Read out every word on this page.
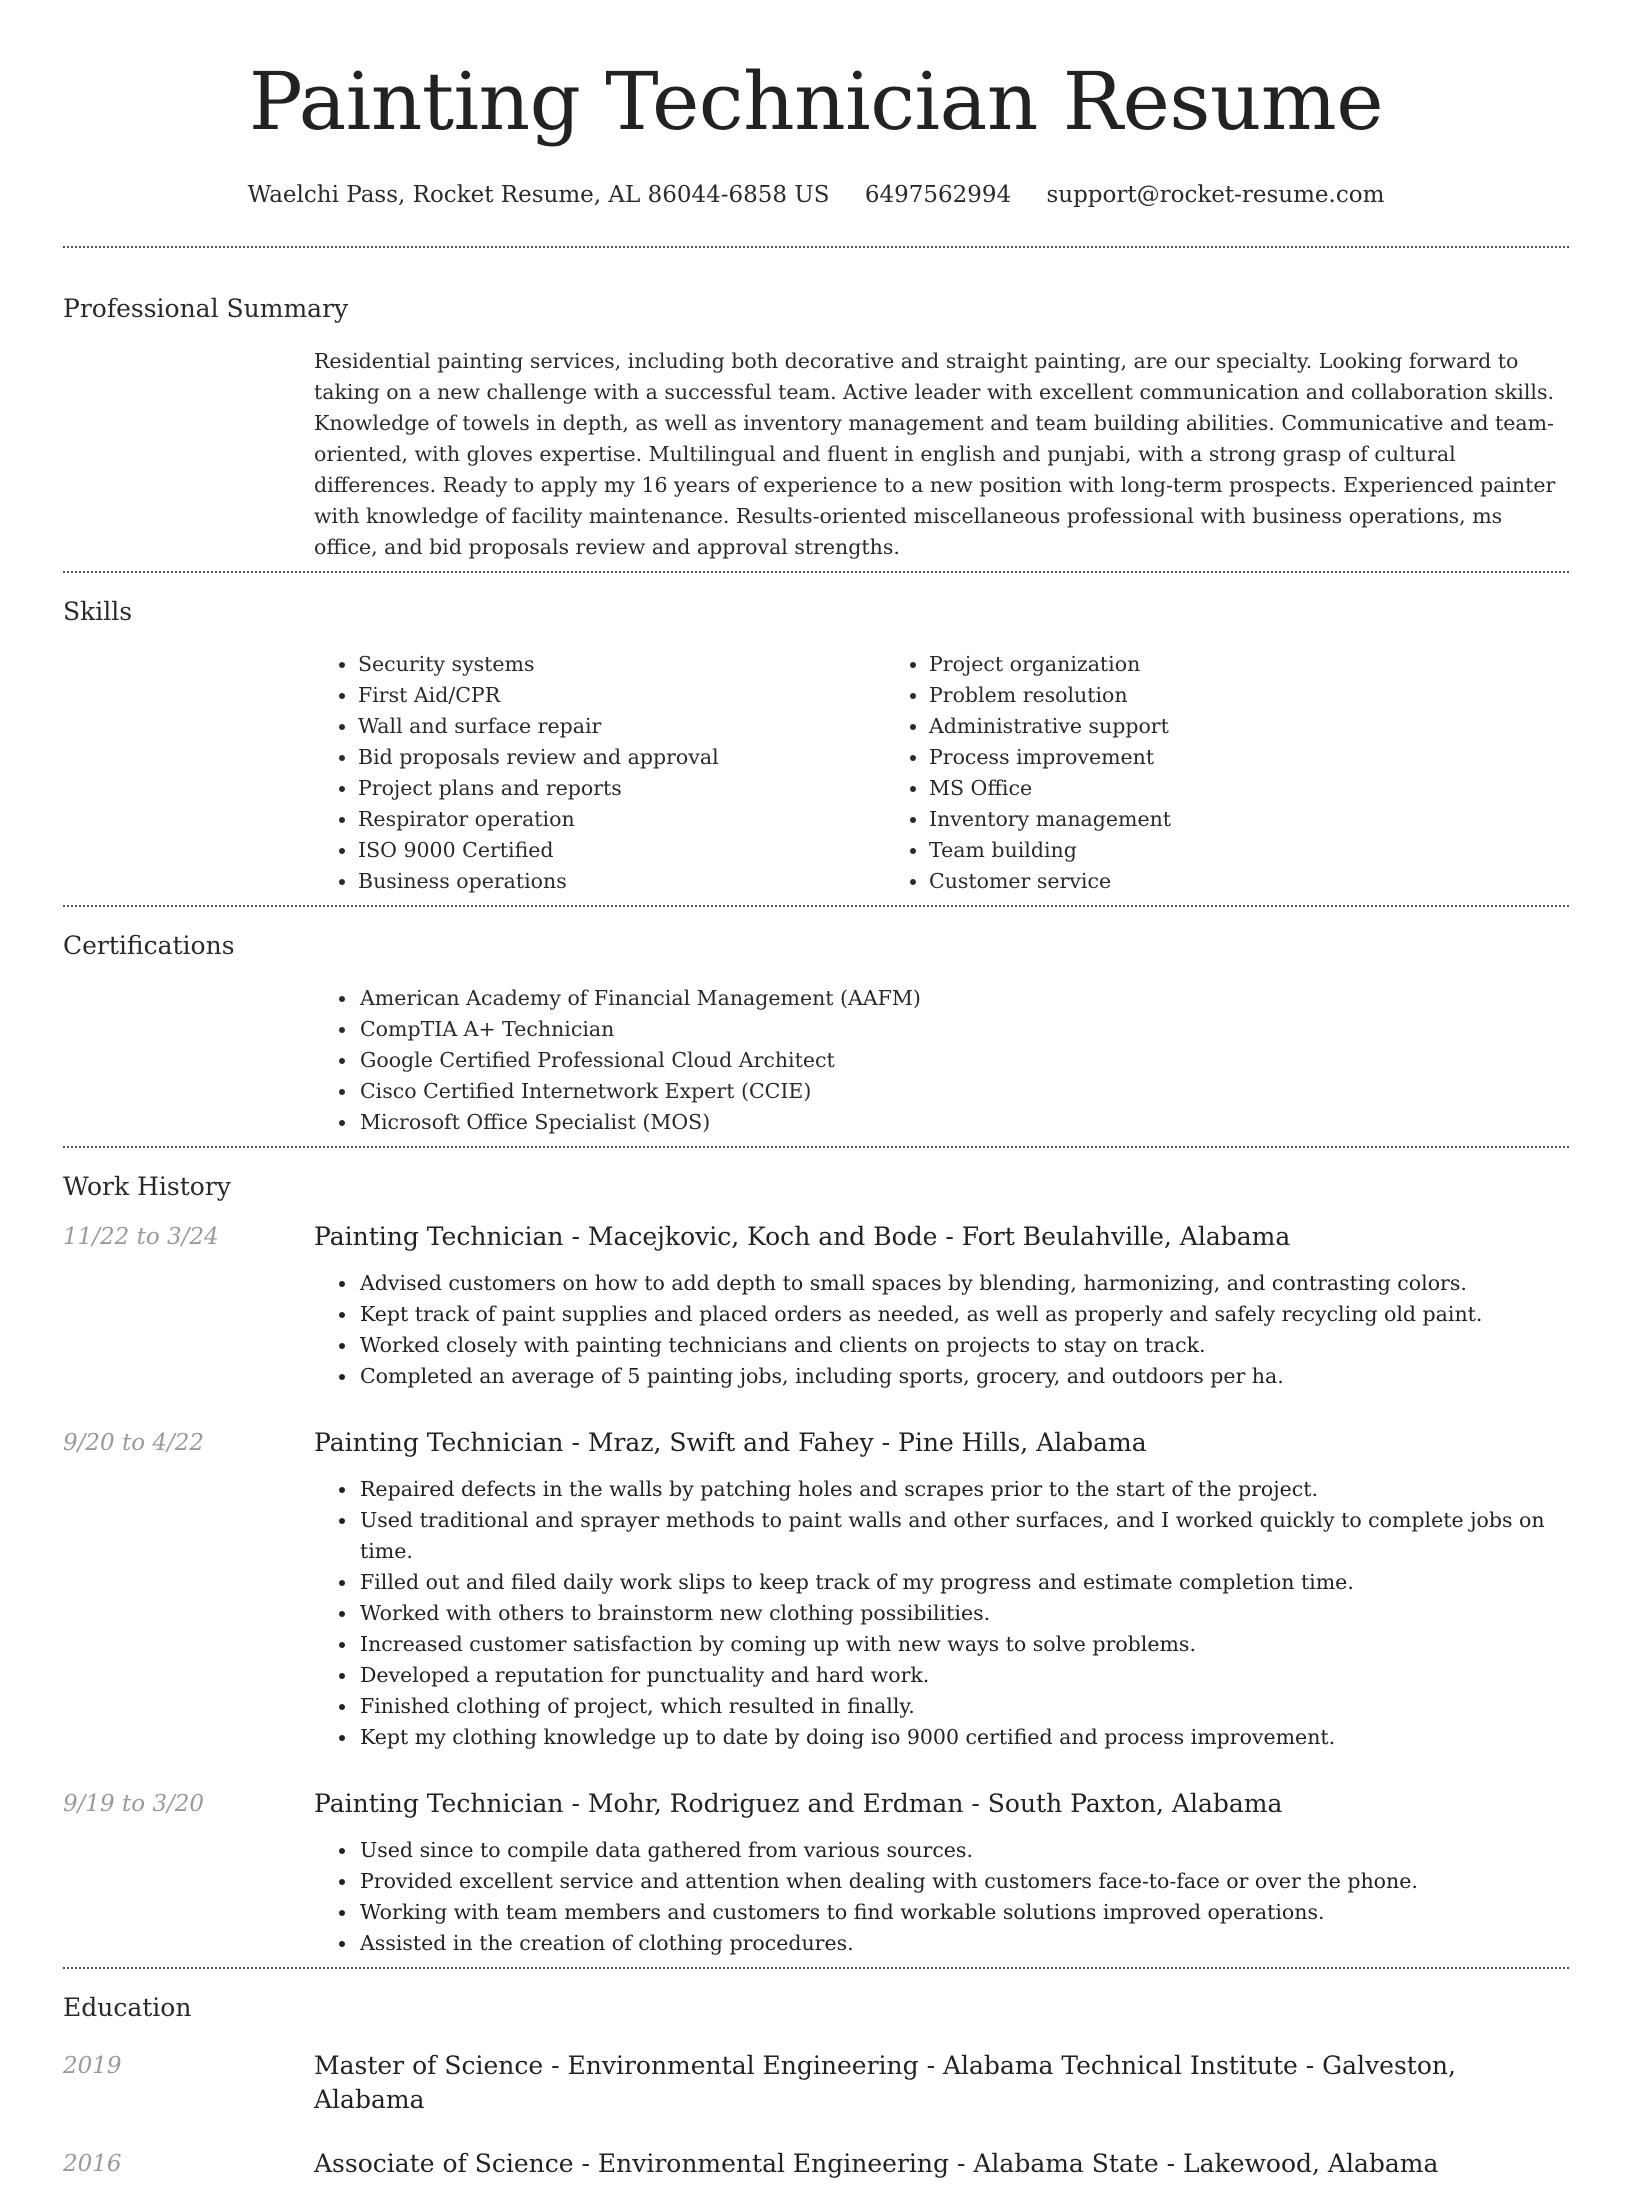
Painting Technician Resume
Waelchi Pass, Rocket Resume, AL 86044-6858 US 6497562994 support@rocket-resume.com
Professional Summary

Residential painting services, including both decorative and straight painting, are our specialty. Looking forward to taking on a new challenge with a successful team. Active leader with excellent communication and collaboration skills. Knowledge of towels in depth, as well as inventory management and team building abilities. Communicative and team-oriented, with gloves expertise. Multilingual and fluent in english and punjabi, with a strong grasp of cultural differences. Ready to apply my 16 years of experience to a new position with long-term prospects. Experienced painter with knowledge of facility maintenance. Results-oriented miscellaneous professional with business operations, ms office, and bid proposals review and approval strengths.

Skills
• Security systems
• First Aid/CPR
• Wall and surface repair
• Bid proposals review and approval
• Project plans and reports
• Respirator operation
• ISO 9000 Certified
• Business operations
• Project organization
• Problem resolution
• Administrative support
• Process improvement
• MS Office
• Inventory management
• Team building
• Customer service
Certifications
• American Academy of Financial Management (AAFM)
• CompTIA A+ Technician
• Google Certified Professional Cloud Architect
• Cisco Certified Internetwork Expert (CCIE)
• Microsoft Office Specialist (MOS)
Work History
11/22 to 3/24	Painting Technician - Macejkovic, Koch and Bode - Fort Beulahville, Alabama
• Advised customers on how to add depth to small spaces by blending, harmonizing, and contrasting colors.
• Kept track of paint supplies and placed orders as needed, as well as properly and safely recycling old paint.
• Worked closely with painting technicians and clients on projects to stay on track.
• Completed an average of 5 painting jobs, including sports, grocery, and outdoors per ha.
9/20 to 4/22	Painting Technician - Mraz, Swift and Fahey - Pine Hills, Alabama
• Repaired defects in the walls by patching holes and scrapes prior to the start of the project.
• Used traditional and sprayer methods to paint walls and other surfaces, and I worked quickly to complete jobs on time.
• Filled out and filed daily work slips to keep track of my progress and estimate completion time.
• Worked with others to brainstorm new clothing possibilities.
• Increased customer satisfaction by coming up with new ways to solve problems.
• Developed a reputation for punctuality and hard work.
• Finished clothing of project, which resulted in finally.
• Kept my clothing knowledge up to date by doing iso 9000 certified and process improvement.
9/19 to 3/20	Painting Technician - Mohr, Rodriguez and Erdman - South Paxton, Alabama
• Used since to compile data gathered from various sources.
• Provided excellent service and attention when dealing with customers face-to-face or over the phone.
• Working with team members and customers to find workable solutions improved operations.
• Assisted in the creation of clothing procedures.
Education
2019	Master of Science - Environmental Engineering - Alabama Technical Institute - Galveston, Alabama
2016	Associate of Science - Environmental Engineering - Alabama State - Lakewood, Alabama
